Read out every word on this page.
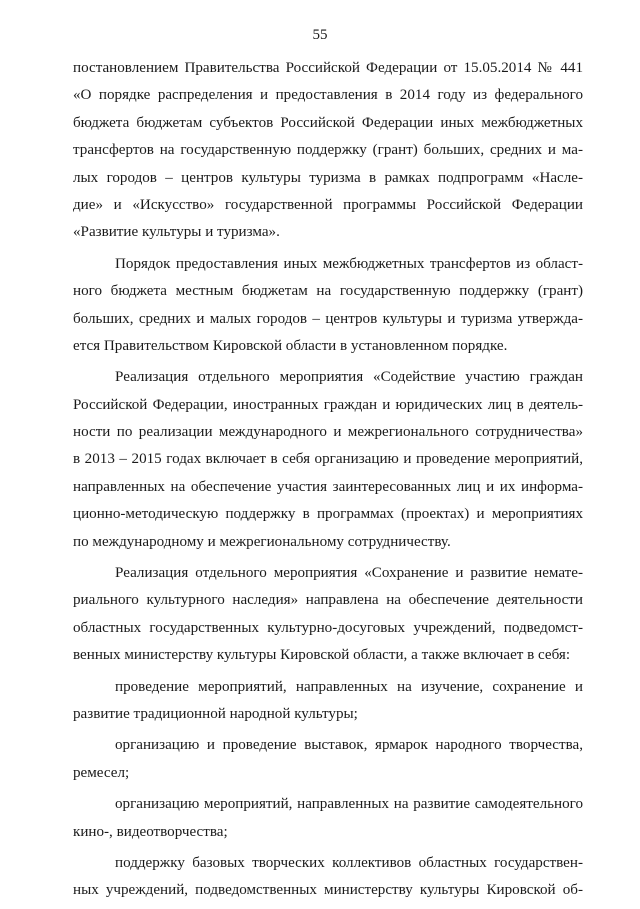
55
постановлением Правительства Российской Федерации от 15.05.2014 № 441
«О порядке распределения и предоставления в 2014 году из федерального
бюджета бюджетам субъектов Российской Федерации иных межбюджетных
трансфертов на государственную поддержку (грант) больших, средних и ма-
лых городов – центров культуры туризма в рамках подпрограмм «Насле-
дие» и «Искусство» государственной программы Российской Федерации
«Развитие культуры и туризма».
Порядок предоставления иных межбюджетных трансфертов из област-
ного бюджета местным бюджетам на государственную поддержку (грант)
больших, средних и малых городов – центров культуры и туризма утвержда-
ется Правительством Кировской области в установленном порядке.
Реализация отдельного мероприятия «Содействие участию граждан
Российской Федерации, иностранных граждан и юридических лиц в деятель-
ности по реализации международного и межрегионального сотрудничества»
в 2013 – 2015 годах включает в себя организацию и проведение мероприятий,
направленных на обеспечение участия заинтересованных лиц и их информа-
ционно-методическую поддержку в программах (проектах) и мероприятиях
по международному и межрегиональному сотрудничеству.
Реализация отдельного мероприятия «Сохранение и развитие немате-
риального культурного наследия» направлена на обеспечение деятельности
областных государственных культурно-досуговых учреждений, подведомст-
венных министерству культуры Кировской области, а также включает в себя:
проведение мероприятий, направленных на изучение, сохранение и
развитие традиционной народной культуры;
организацию и проведение выставок, ярмарок народного творчества,
ремесел;
организацию мероприятий, направленных на развитие самодеятельного
кино-, видеотворчества;
поддержку базовых творческих коллективов областных государствен-
ных учреждений, подведомственных министерству культуры Кировской об-
